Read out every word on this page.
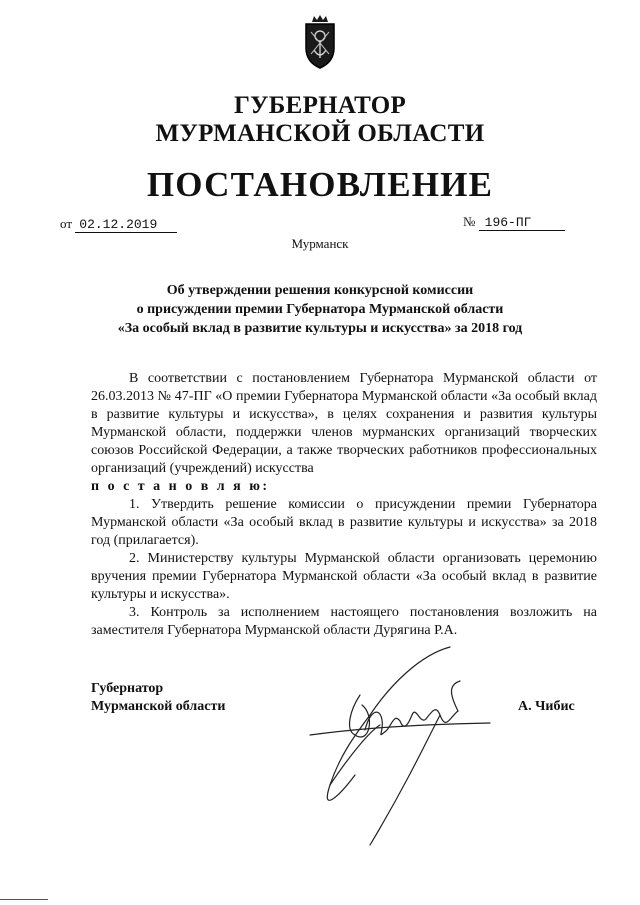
ГУБЕРНАТОР
МУРМАНСКОЙ ОБЛАСТИ
ПОСТАНОВЛЕНИЕ
от 02.12.2019	№ 196-ПГ
Мурманск
Об утверждении решения конкурсной комиссии
о присуждении премии Губернатора Мурманской области
«За особый вклад в развитие культуры и искусства» за 2018 год

В соответствии с постановлением Губернатора Мурманской области от 26.03.2013 № 47-ПГ «О премии Губернатора Мурманской области «За особый вклад в развитие культуры и искусства», в целях сохранения и развития культуры Мурманской области, поддержки членов мурманских организаций творческих союзов Российской Федерации, а также творческих работников профессиональных организаций (учреждений) искусства

п о с т а н о в л я ю:

1. Утвердить решение комиссии о присуждении премии Губернатора Мурманской области «За особый вклад в развитие культуры и искусства» за 2018 год (прилагается).

2. Министерству культуры Мурманской области организовать церемонию вручения премии Губернатора Мурманской области «За особый вклад в развитие культуры и искусства».

3. Контроль за исполнением настоящего постановления возложить на заместителя Губернатора Мурманской области Дурягина Р.А.

Губернатор
Мурманской области	А. Чибис
